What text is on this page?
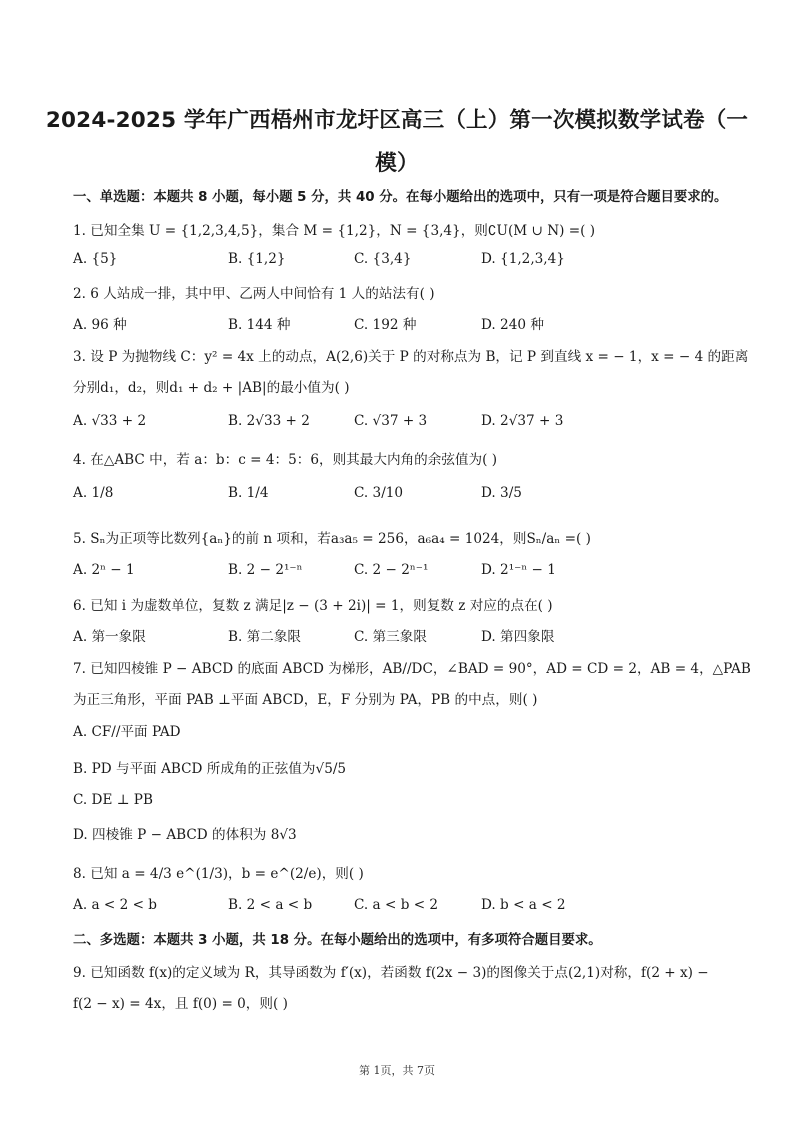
2024-2025 学年广西梧州市龙圩区高三（上）第一次模拟数学试卷（一
模）
一、单选题：本题共 8 小题，每小题 5 分，共 40 分。在每小题给出的选项中，只有一项是符合题目要求的。
1. 已知全集 U = {1,2,3,4,5}，集合 M = {1,2}，N = {3,4}，则∁U(M ∪ N) =( )
A. {5}	B. {1,2}	C. {3,4}	D. {1,2,3,4}
2. 6 人站成一排，其中甲、乙两人中间恰有 1 人的站法有( )
A. 96 种	B. 144 种	C. 192 种	D. 240 种
3. 设 P 为抛物线 C：y² = 4x 上的动点，A(2,6)关于 P 的对称点为 B，记 P 到直线 x = − 1，x = − 4 的距离
分别d₁，d₂，则d₁ + d₂ + |AB|的最小值为( )
A. √33 + 2	B. 2√33 + 2	C. √37 + 3	D. 2√37 + 3
4. 在△ABC 中，若 a：b：c = 4：5：6，则其最大内角的余弦值为( )
A. 1/8	B. 1/4	C. 3/10	D. 3/5
5. Sₙ为正项等比数列{aₙ}的前 n 项和，若a₃a₅ = 256，a₆a₄ = 1024，则Sₙ/aₙ =( )
A. 2ⁿ − 1	B. 2 − 2¹⁻ⁿ	C. 2 − 2ⁿ⁻¹	D. 2¹⁻ⁿ − 1
6. 已知 i 为虚数单位，复数 z 满足|z − (3 + 2i)| = 1，则复数 z 对应的点在( )
A. 第一象限	B. 第二象限	C. 第三象限	D. 第四象限
7. 已知四棱锥 P − ABCD 的底面 ABCD 为梯形，AB//DC，∠BAD = 90°，AD = CD = 2，AB = 4，△PAB
为正三角形，平面 PAB ⊥平面 ABCD，E，F 分别为 PA，PB 的中点，则( )
A. CF//平面 PAD
B. PD 与平面 ABCD 所成角的正弦值为√5/5
C. DE ⊥ PB
D. 四棱锥 P − ABCD 的体积为 8√3
8. 已知 a = 4/3 e^(1/3)，b = e^(2/e)，则( )
A. a < 2 < b	B. 2 < a < b	C. a < b < 2	D. b < a < 2
二、多选题：本题共 3 小题，共 18 分。在每小题给出的选项中，有多项符合题目要求。
9. 已知函数 f(x)的定义域为 R，其导函数为 f′(x)，若函数 f(2x − 3)的图像关于点(2,1)对称，f(2 + x) −
f(2 − x) = 4x，且 f(0) = 0，则( )
第 1页，共 7页
